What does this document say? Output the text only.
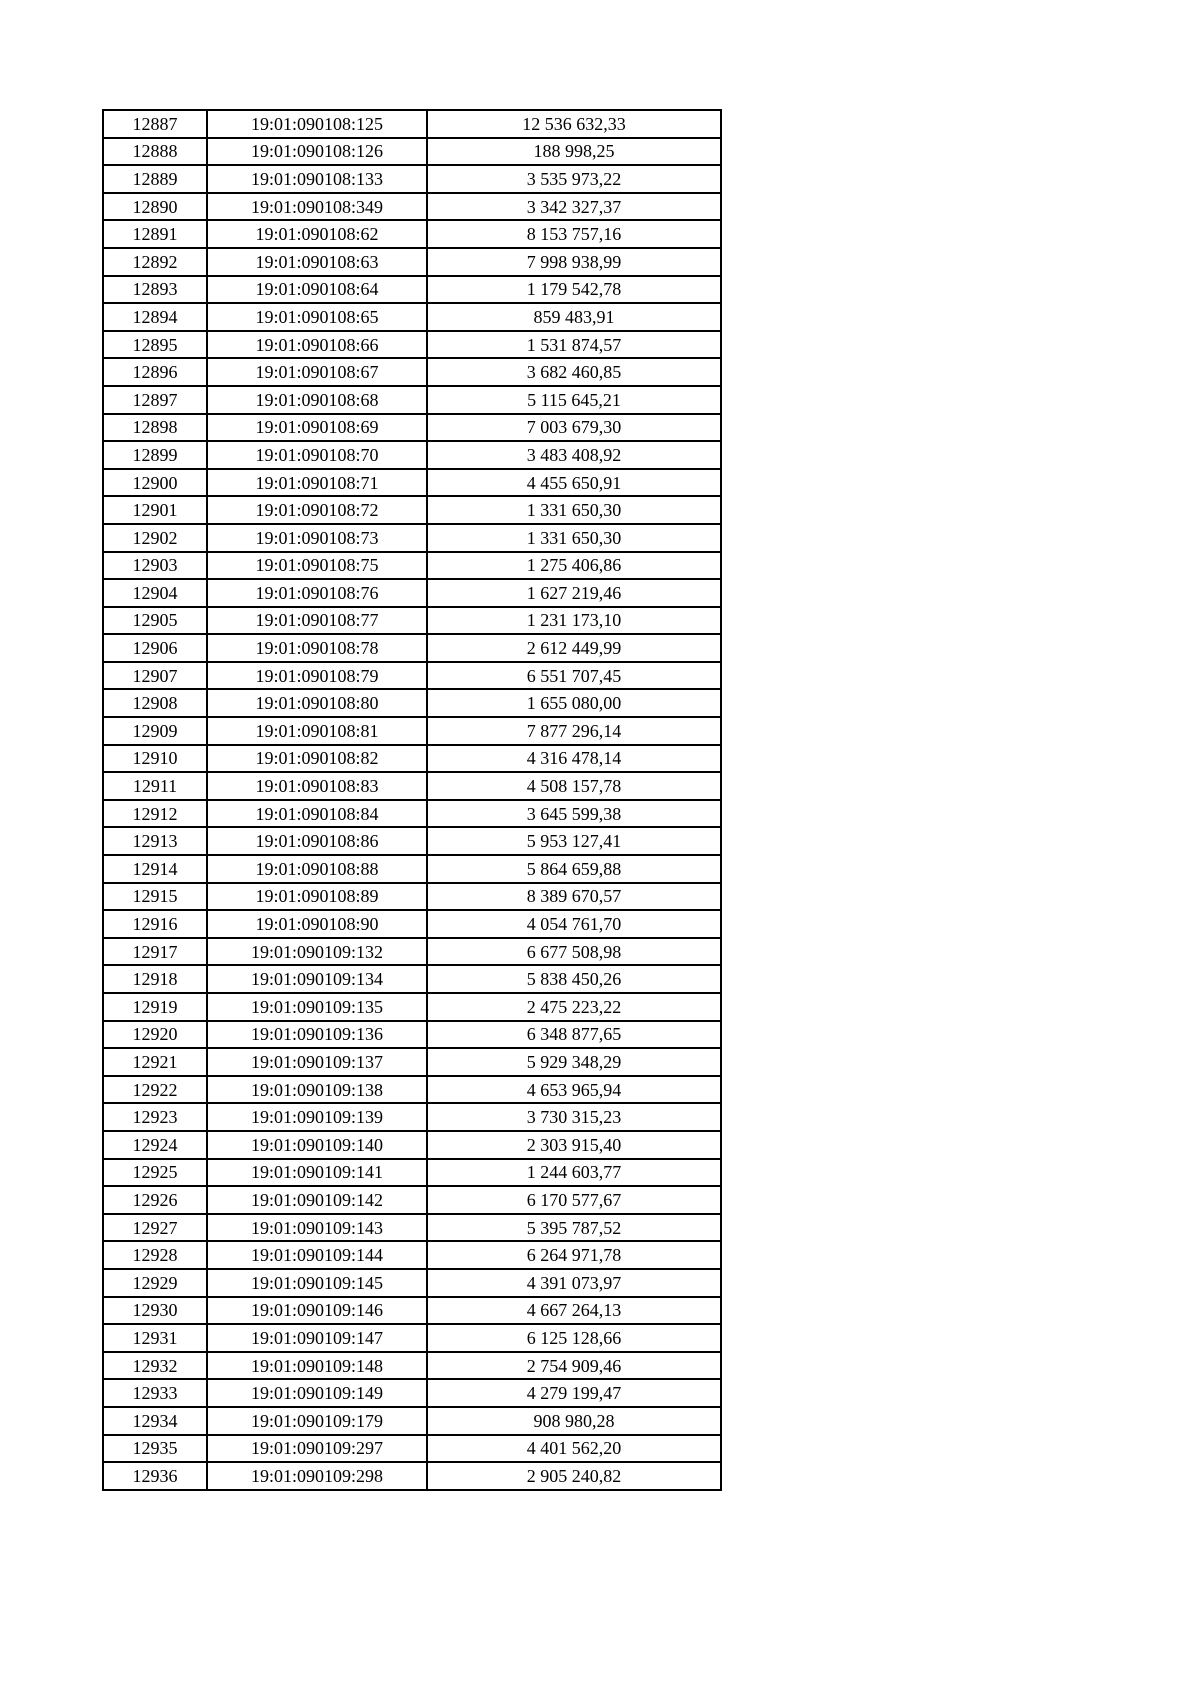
12887	19:01:090108:125	12 536 632,33
12888	19:01:090108:126	188 998,25
12889	19:01:090108:133	3 535 973,22
12890	19:01:090108:349	3 342 327,37
12891	19:01:090108:62	8 153 757,16
12892	19:01:090108:63	7 998 938,99
12893	19:01:090108:64	1 179 542,78
12894	19:01:090108:65	859 483,91
12895	19:01:090108:66	1 531 874,57
12896	19:01:090108:67	3 682 460,85
12897	19:01:090108:68	5 115 645,21
12898	19:01:090108:69	7 003 679,30
12899	19:01:090108:70	3 483 408,92
12900	19:01:090108:71	4 455 650,91
12901	19:01:090108:72	1 331 650,30
12902	19:01:090108:73	1 331 650,30
12903	19:01:090108:75	1 275 406,86
12904	19:01:090108:76	1 627 219,46
12905	19:01:090108:77	1 231 173,10
12906	19:01:090108:78	2 612 449,99
12907	19:01:090108:79	6 551 707,45
12908	19:01:090108:80	1 655 080,00
12909	19:01:090108:81	7 877 296,14
12910	19:01:090108:82	4 316 478,14
12911	19:01:090108:83	4 508 157,78
12912	19:01:090108:84	3 645 599,38
12913	19:01:090108:86	5 953 127,41
12914	19:01:090108:88	5 864 659,88
12915	19:01:090108:89	8 389 670,57
12916	19:01:090108:90	4 054 761,70
12917	19:01:090109:132	6 677 508,98
12918	19:01:090109:134	5 838 450,26
12919	19:01:090109:135	2 475 223,22
12920	19:01:090109:136	6 348 877,65
12921	19:01:090109:137	5 929 348,29
12922	19:01:090109:138	4 653 965,94
12923	19:01:090109:139	3 730 315,23
12924	19:01:090109:140	2 303 915,40
12925	19:01:090109:141	1 244 603,77
12926	19:01:090109:142	6 170 577,67
12927	19:01:090109:143	5 395 787,52
12928	19:01:090109:144	6 264 971,78
12929	19:01:090109:145	4 391 073,97
12930	19:01:090109:146	4 667 264,13
12931	19:01:090109:147	6 125 128,66
12932	19:01:090109:148	2 754 909,46
12933	19:01:090109:149	4 279 199,47
12934	19:01:090109:179	908 980,28
12935	19:01:090109:297	4 401 562,20
12936	19:01:090109:298	2 905 240,82
